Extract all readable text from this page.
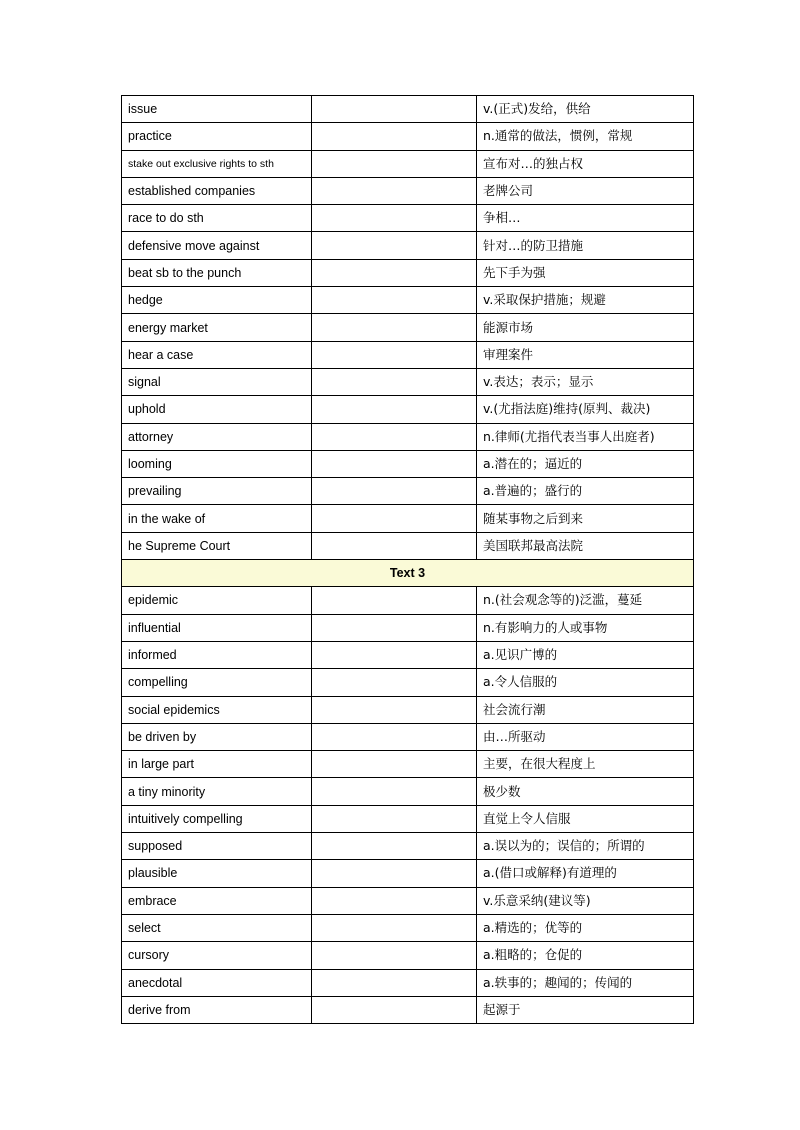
issue		v.(正式)发给，供给
practice		n.通常的做法，惯例，常规
stake out exclusive rights to sth		宣布对…的独占权
established companies		老牌公司
race to do sth		争相…
defensive move against		针对…的防卫措施
beat sb to the punch		先下手为强
hedge		v.采取保护措施；规避
energy market		能源市场
hear a case		审理案件
signal		v.表达；表示；显示
uphold		v.(尤指法庭)维持(原判、裁决)
attorney		n.律师(尤指代表当事人出庭者)
looming		a.潜在的；逼近的
prevailing		a.普遍的；盛行的
in the wake of		随某事物之后到来
he Supreme Court		美国联邦最高法院
Text 3		
epidemic		n.(社会观念等的)泛滥，蔓延
influential		n.有影响力的人或事物
informed		a.见识广博的
compelling		a.令人信服的
social epidemics		社会流行潮
be driven by		由…所驱动
in large part		主要，在很大程度上
a tiny minority		极少数
intuitively compelling		直觉上令人信服
supposed		a.误以为的；误信的；所谓的
plausible		a.(借口或解释)有道理的
embrace		v.乐意采纳(建议等)
select		a.精选的；优等的
cursory		a.粗略的；仓促的
anecdotal		a.轶事的；趣闻的；传闻的
derive from		起源于
